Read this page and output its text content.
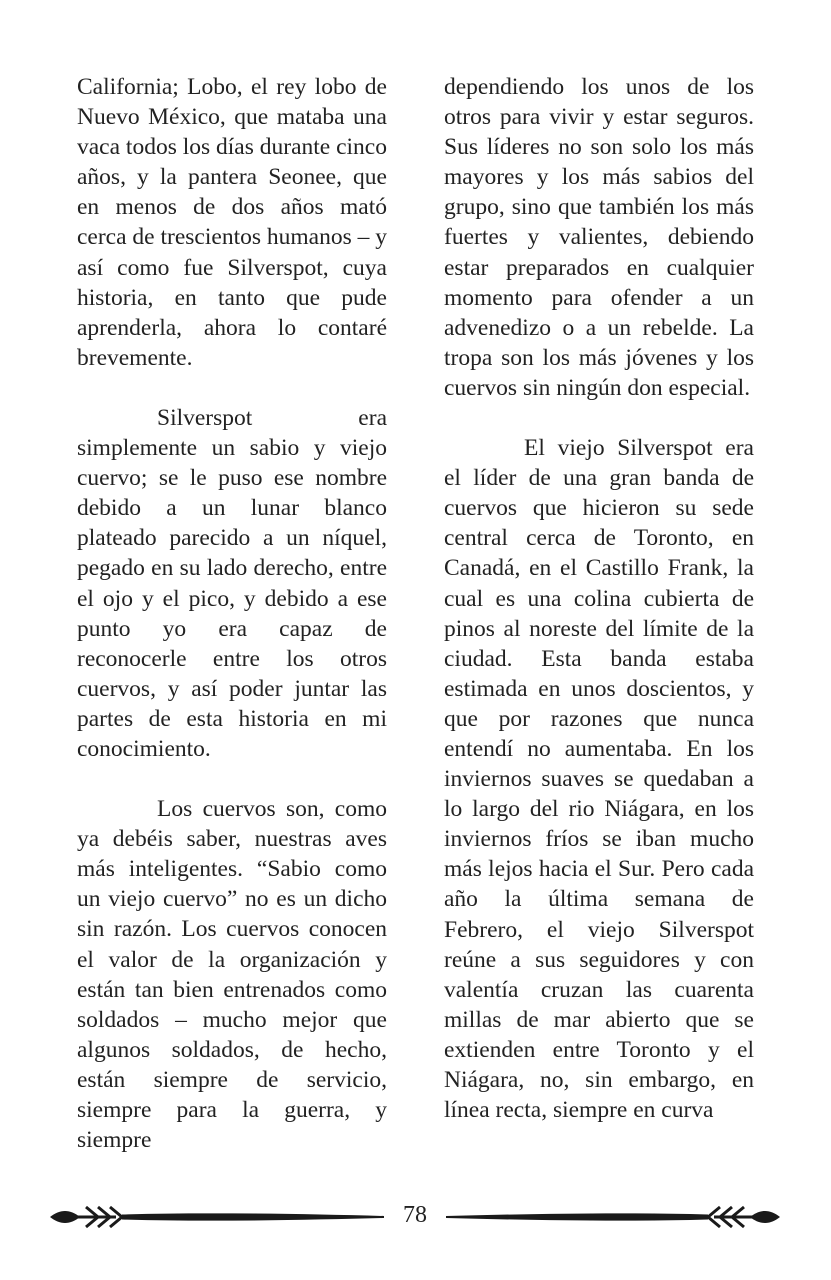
California; Lobo, el rey lobo de Nuevo México, que mataba una vaca todos los días durante cinco años, y la pantera Seonee, que en menos de dos años mató cerca de trescientos humanos – y así como fue Silverspot, cuya historia, en tanto que pude aprenderla, ahora lo contaré brevemente.

Silverspot era simplemente un sabio y viejo cuervo; se le puso ese nombre debido a un lunar blanco plateado parecido a un níquel, pegado en su lado derecho, entre el ojo y el pico, y debido a ese punto yo era capaz de reconocerle entre los otros cuervos, y así poder juntar las partes de esta historia en mi conocimiento.

Los cuervos son, como ya debéis saber, nuestras aves más inteligentes. “Sabio como un viejo cuervo” no es un dicho sin razón. Los cuervos conocen el valor de la organización y están tan bien entrenados como soldados – mucho mejor que algunos soldados, de hecho, están siempre de servicio, siempre para la guerra, y siempre

dependiendo los unos de los otros para vivir y estar seguros. Sus líderes no son solo los más mayores y los más sabios del grupo, sino que también los más fuertes y valientes, debiendo estar preparados en cualquier momento para ofender a un advenedizo o a un rebelde. La tropa son los más jóvenes y los cuervos sin ningún don especial.

El viejo Silverspot era el líder de una gran banda de cuervos que hicieron su sede central cerca de Toronto, en Canadá, en el Castillo Frank, la cual es una colina cubierta de pinos al noreste del límite de la ciudad. Esta banda estaba estimada en unos doscientos, y que por razones que nunca entendí no aumentaba. En los inviernos suaves se quedaban a lo largo del rio Niágara, en los inviernos fríos se iban mucho más lejos hacia el Sur. Pero cada año la última semana de Febrero, el viejo Silverspot reúne a sus seguidores y con valentía cruzan las cuarenta millas de mar abierto que se extienden entre Toronto y el Niágara, no, sin embargo, en línea recta, siempre en curva

78
